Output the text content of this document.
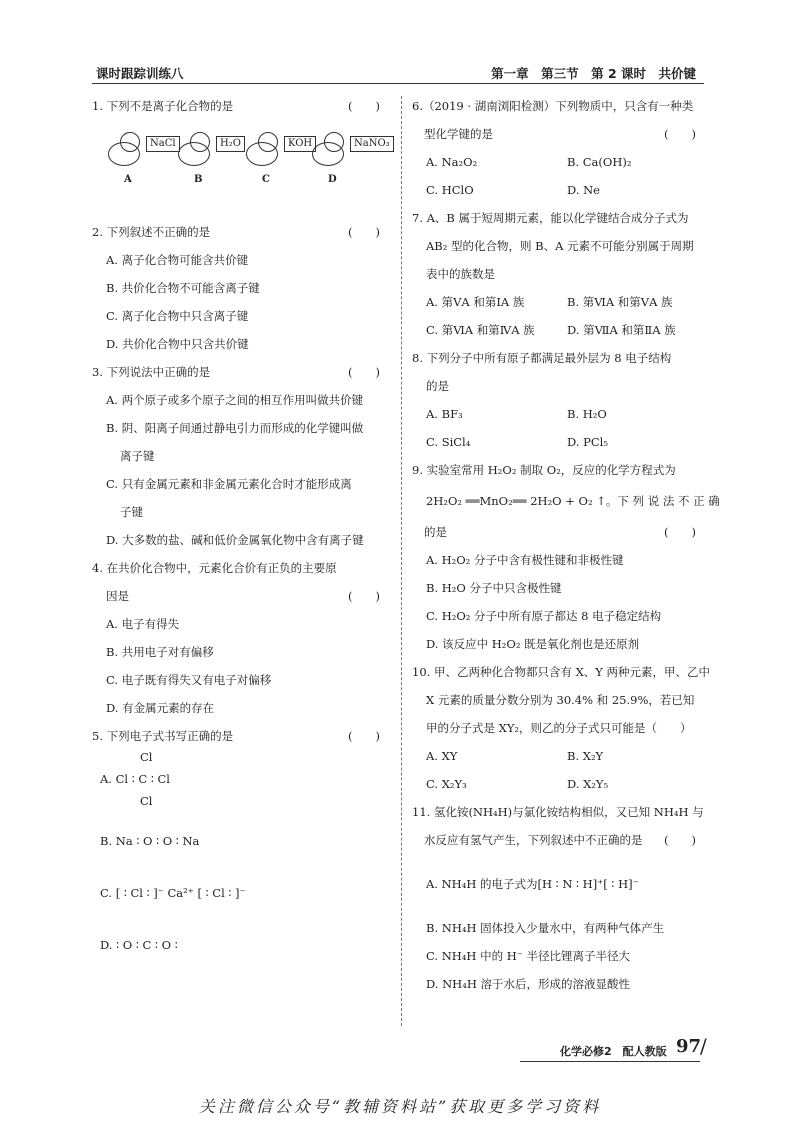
课时跟踪训练八	第一章　第三节　第 2 课时　共价键
1. 下列不是离子化合物的是	(　　)
NaCl
A
H₂O
B
KOH
C
NaNO₃
D
2. 下列叙述不正确的是	(　　)
A. 离子化合物可能含共价键
B. 共价化合物不可能含离子键
C. 离子化合物中只含离子键
D. 共价化合物中只含共价键
3. 下列说法中正确的是	(　　)
A. 两个原子或多个原子之间的相互作用叫做共价键
B. 阴、阳离子间通过静电引力而形成的化学键叫做
离子键
C. 只有金属元素和非金属元素化合时才能形成离
子键
D. 大多数的盐、碱和低价金属氧化物中含有离子键
4. 在共价化合物中，元素化合价有正负的主要原
因是	(　　)
A. 电子有得失
B. 共用电子对有偏移
C. 电子既有得失又有电子对偏移
D. 有金属元素的存在
5. 下列电子式书写正确的是	(　　)
Cl
A. Cl ∶ C ∶ Cl
Cl
B. Na ∶ O ∶ O ∶ Na
C. [ ∶ Cl ∶ ]⁻ Ca²⁺ [ ∶ Cl ∶ ]⁻
D. ∶ O ∶ C ∶ O ∶
6.（2019 · 湖南浏阳检测）下列物质中，只含有一种类
型化学键的是	(　　)
A. Na₂O₂	B. Ca(OH)₂
C. HClO	D. Ne
7. A、B 属于短周期元素，能以化学键结合成分子式为
AB₂ 型的化合物，则 B、A 元素不可能分别属于周期
表中的族数是
A. 第ⅤA 和第ⅠA 族	B. 第ⅥA 和第ⅤA 族
C. 第ⅥA 和第ⅣA 族	D. 第ⅦA 和第ⅡA 族
8. 下列分子中所有原子都满足最外层为 8 电子结构
的是
A. BF₃	B. H₂O
C. SiCl₄	D. PCl₅
9. 实验室常用 H₂O₂ 制取 O₂，反应的化学方程式为
2H₂O₂ ══MnO₂══ 2H₂O + O₂ ↑。下 列 说 法 不 正 确
的是	(　　)
A. H₂O₂ 分子中含有极性键和非极性键
B. H₂O 分子中只含极性键
C. H₂O₂ 分子中所有原子都达 8 电子稳定结构
D. 该反应中 H₂O₂ 既是氧化剂也是还原剂
10. 甲、乙两种化合物都只含有 X、Y 两种元素，甲、乙中
X 元素的质量分数分别为 30.4% 和 25.9%，若已知
甲的分子式是 XY₂，则乙的分子式只可能是（　　）
A. XY	B. X₂Y
C. X₂Y₃	D. X₂Y₅
11. 氢化铵(NH₄H)与氯化铵结构相似，又已知 NH₄H 与
水反应有氢气产生，下列叙述中不正确的是 (　　)
A. NH₄H 的电子式为[H ∶ N ∶ H]⁺[ ∶ H]⁻
B. NH₄H 固体投入少量水中，有两种气体产生
C. NH₄H 中的 H⁻ 半径比锂离子半径大
D. NH₄H 溶于水后，形成的溶液显酸性
化学必修2　配人教版 97
/
关注微信公众号“教辅资料站”获取更多学习资料
